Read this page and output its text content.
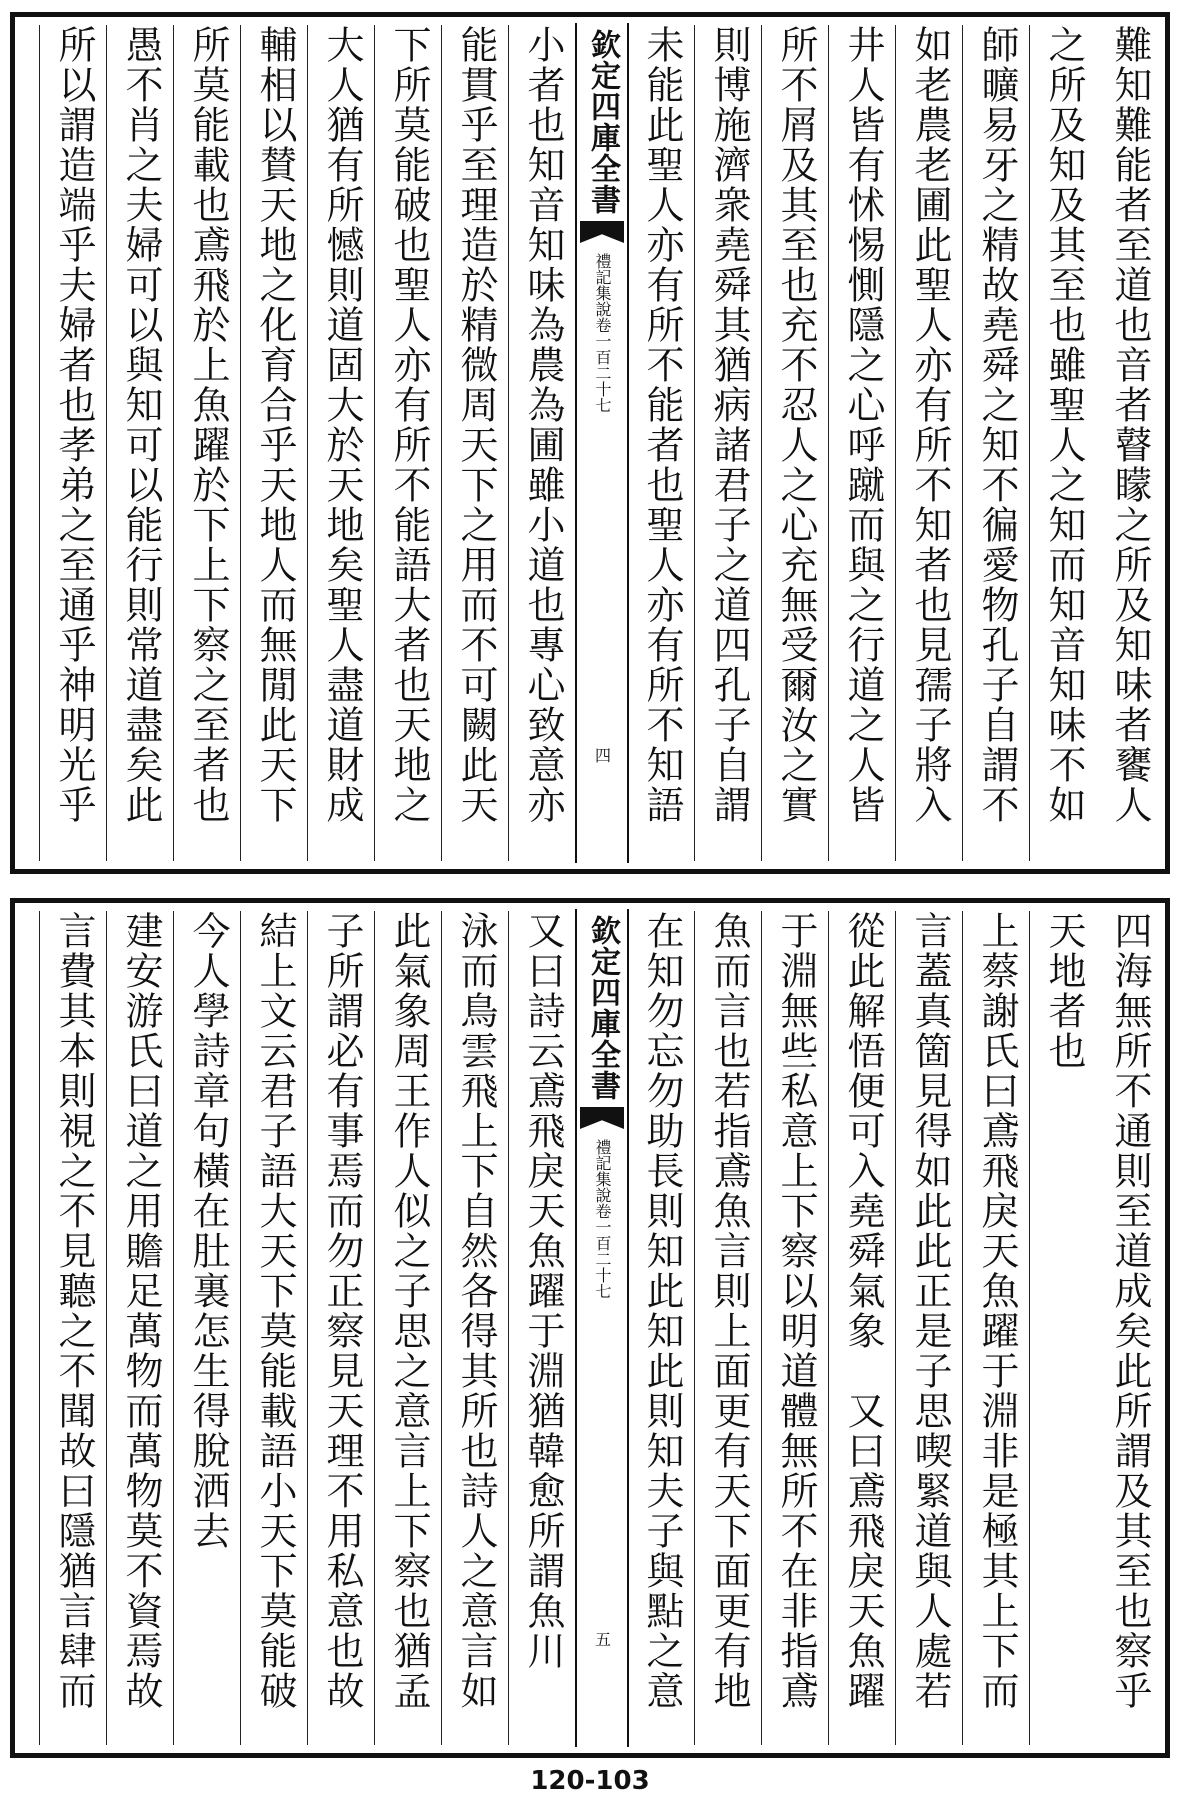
難知難能者至道也音者瞽矇之所及知味者饔人
之所及知及其至也雖聖人之知而知音知味不如
師曠易牙之精故堯舜之知不徧愛物孔子自謂不
如老農老圃此聖人亦有所不知者也見孺子將入
井人皆有怵惕惻隱之心呼蹴而與之行道之人皆
所不屑及其至也充不忍人之心充無受爾汝之實
則博施濟衆堯舜其猶病諸君子之道四孔子自謂
未能此聖人亦有所不能者也聖人亦有所不知語
欽定四庫全書
禮記集說
卷一百二十七
四
小者也知音知味為農為圃雖小道也專心致意亦
能貫乎至理造於精微周天下之用而不可闕此天
下所莫能破也聖人亦有所不能語大者也天地之
大人猶有所憾則道固大於天地矣聖人盡道財成
輔相以賛天地之化育合乎天地人而無閒此天下
所莫能載也鳶飛於上魚躍於下上下察之至者也
愚不肖之夫婦可以與知可以能行則常道盡矣此
所以謂造端乎夫婦者也孝弟之至通乎神明光乎
四海無所不通則至道成矣此所謂及其至也察乎
天地者也
上蔡謝氏曰鳶飛戾天魚躍于淵非是極其上下而
言蓋真箇見得如此此正是子思喫緊道與人處若
從此解悟便可入堯舜氣象　又曰鳶飛戾天魚躍
于淵無些私意上下察以明道體無所不在非指鳶
魚而言也若指鳶魚言則上面更有天下面更有地
在知勿忘勿助長則知此知此則知夫子與點之意
欽定四庫全書
禮記集說
卷一百二十七
五
又曰詩云鳶飛戾天魚躍于淵猶韓愈所謂魚川
泳而鳥雲飛上下自然各得其所也詩人之意言如
此氣象周王作人似之子思之意言上下察也猶孟
子所謂必有事焉而勿正察見天理不用私意也故
結上文云君子語大天下莫能載語小天下莫能破
今人學詩章句橫在肚裏怎生得脫洒去
建安游氏曰道之用贍足萬物而萬物莫不資焉故
言費其本則視之不見聽之不聞故曰隱猶言肆而
120-103
